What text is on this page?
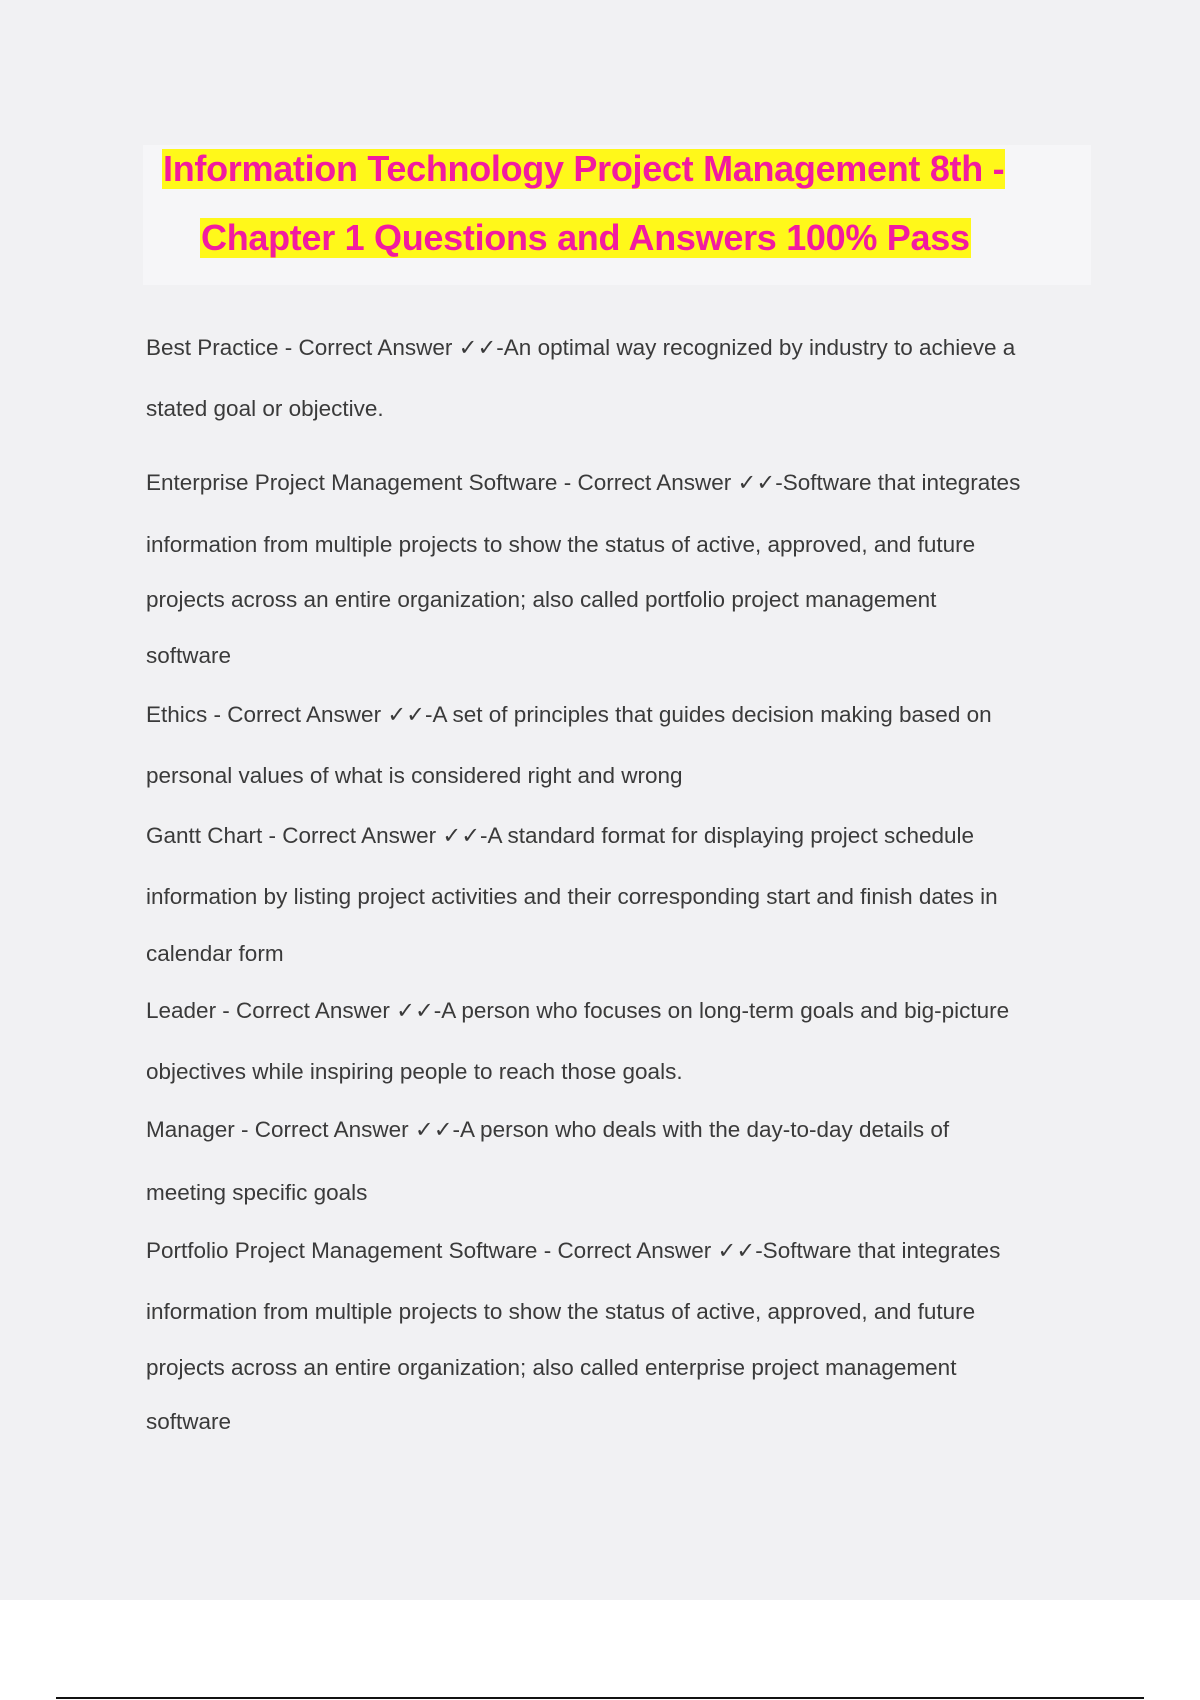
Information Technology Project Management 8th -
Chapter 1 Questions and Answers 100% Pass
Best Practice - Correct Answer ✓✓-An optimal way recognized by industry to achieve a
stated goal or objective.
Enterprise Project Management Software - Correct Answer ✓✓-Software that integrates
information from multiple projects to show the status of active, approved, and future
projects across an entire organization; also called portfolio project management
software
Ethics - Correct Answer ✓✓-A set of principles that guides decision making based on
personal values of what is considered right and wrong
Gantt Chart - Correct Answer ✓✓-A standard format for displaying project schedule
information by listing project activities and their corresponding start and finish dates in
calendar form
Leader - Correct Answer ✓✓-A person who focuses on long-term goals and big-picture
objectives while inspiring people to reach those goals.
Manager - Correct Answer ✓✓-A person who deals with the day-to-day details of
meeting specific goals
Portfolio Project Management Software - Correct Answer ✓✓-Software that integrates
information from multiple projects to show the status of active, approved, and future
projects across an entire organization; also called enterprise project management
software
